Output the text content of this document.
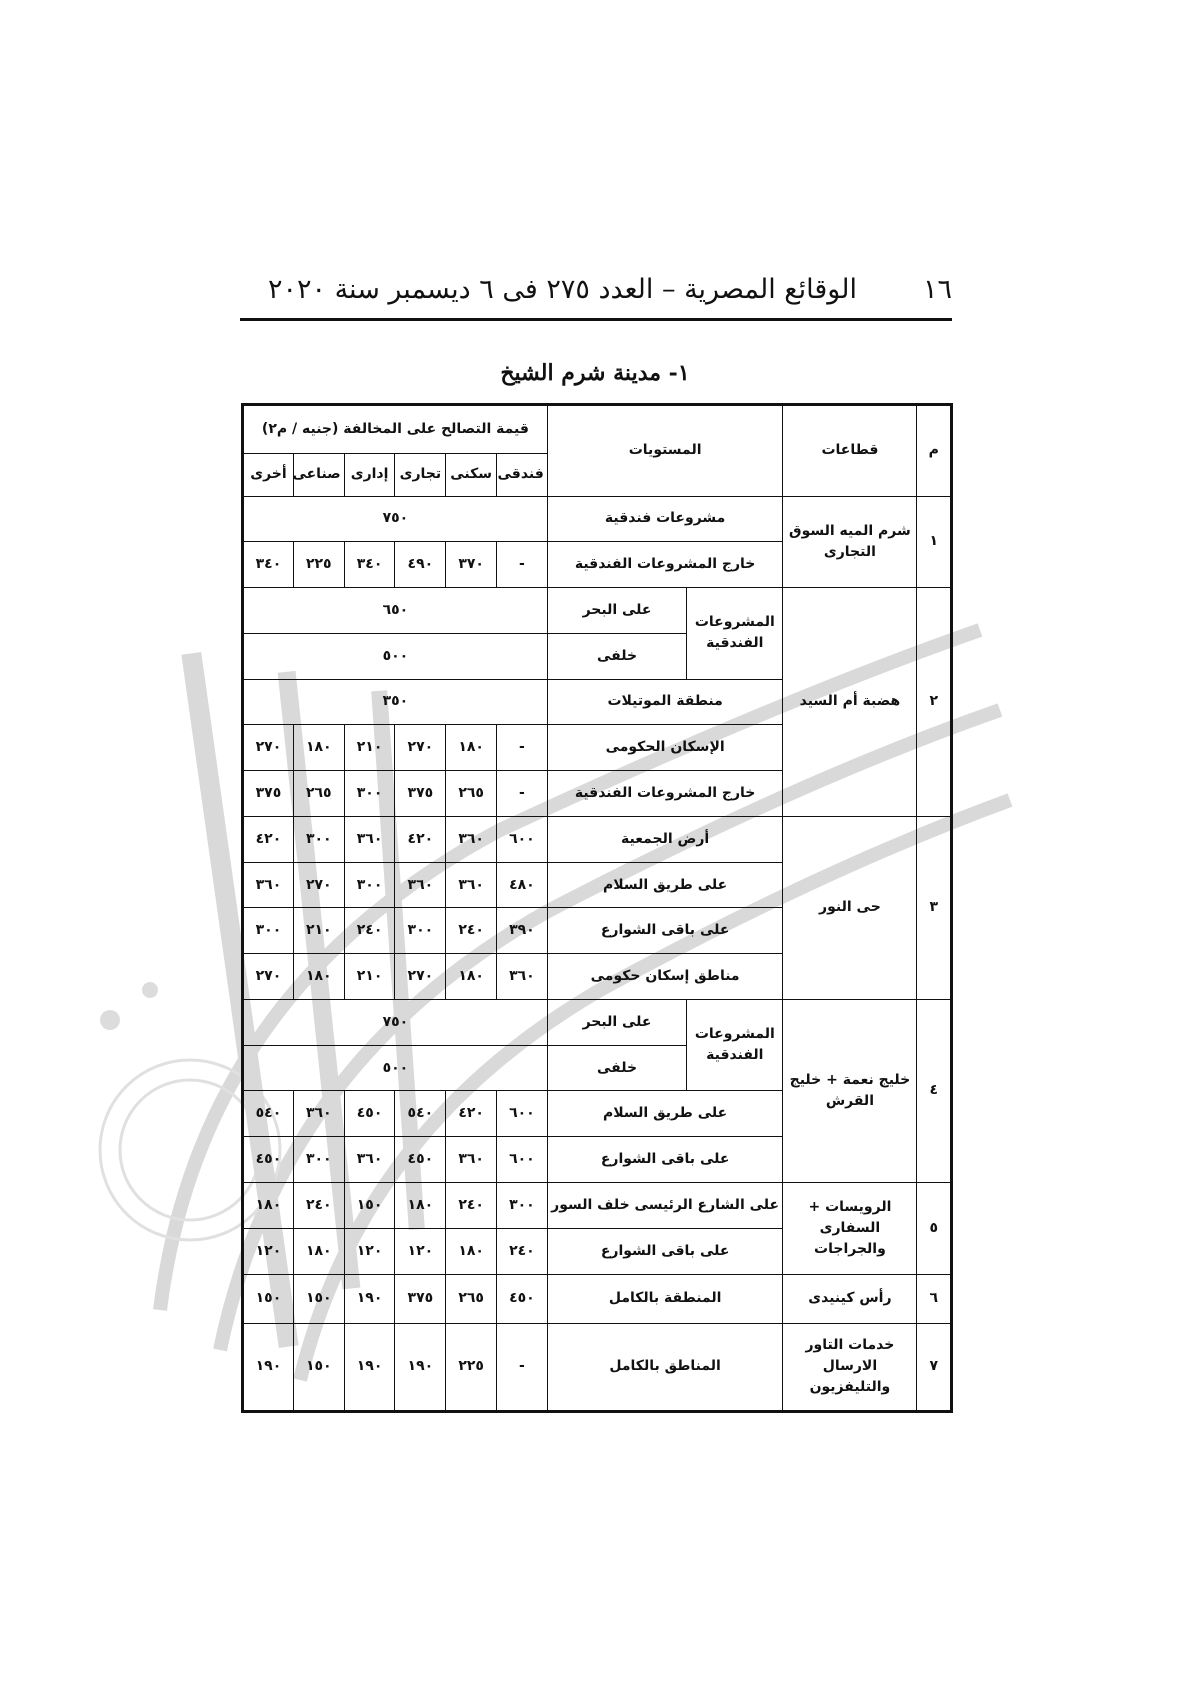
١٦
الوقائع المصرية – العدد ٢٧٥ فى ٦ ديسمبر سنة ٢٠٢٠
١- مدينة شرم الشيخ
م	قطاعات	المستويات		قيمة التصالح على المخالفة (جنيه / م٢)					
				فندقى	سكنى	تجارى	إدارى	صناعى	أخرى
١	شرم الميه السوق التجارى	مشروعات فندقية		٧٥٠					
		خارج المشروعات الفندقية		-	٣٧٠	٤٩٠	٣٤٠	٢٢٥	٣٤٠
٢	هضبة أم السيد	المشروعات الفندقية	على البحر	٦٥٠					
			خلفى	٥٠٠					
		منطقة الموتيلات		٣٥٠					
		الإسكان الحكومى		-	١٨٠	٢٧٠	٢١٠	١٨٠	٢٧٠
		خارج المشروعات الفندقية		-	٢٦٥	٣٧٥	٣٠٠	٢٦٥	٣٧٥
٣	حى النور	أرض الجمعية		٦٠٠	٣٦٠	٤٢٠	٣٦٠	٣٠٠	٤٢٠
		على طريق السلام		٤٨٠	٣٦٠	٣٦٠	٣٠٠	٢٧٠	٣٦٠
		على باقى الشوارع		٣٩٠	٢٤٠	٣٠٠	٢٤٠	٢١٠	٣٠٠
		مناطق إسكان حكومى		٣٦٠	١٨٠	٢٧٠	٢١٠	١٨٠	٢٧٠
٤	خليج نعمة + خليج القرش	المشروعات الفندقية	على البحر	٧٥٠					
			خلفى	٥٠٠					
		على طريق السلام		٦٠٠	٤٢٠	٥٤٠	٤٥٠	٣٦٠	٥٤٠
		على باقى الشوارع		٦٠٠	٣٦٠	٤٥٠	٣٦٠	٣٠٠	٤٥٠
٥	الرويسات + السفارى والجراجات	على الشارع الرئيسى خلف السور		٣٠٠	٢٤٠	١٨٠	١٥٠	٢٤٠	١٨٠
		على باقى الشوارع		٢٤٠	١٨٠	١٢٠	١٢٠	١٨٠	١٢٠
٦	رأس كينيدى	المنطقة بالكامل		٤٥٠	٢٦٥	٣٧٥	١٩٠	١٥٠	١٥٠
٧	خدمات التاور الارسال والتليفزيون	المناطق بالكامل		-	٢٢٥	١٩٠	١٩٠	١٥٠	١٩٠
